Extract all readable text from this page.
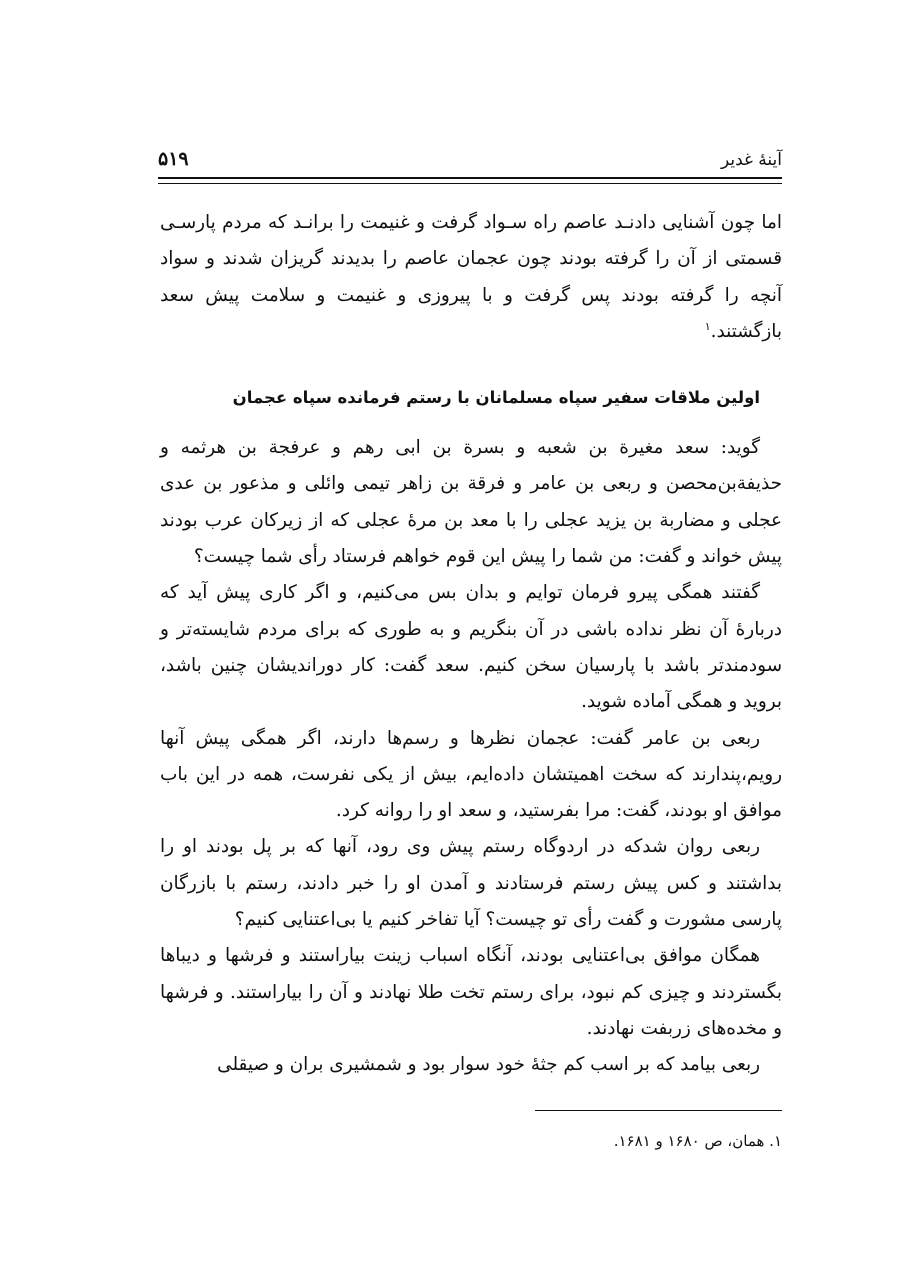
آینهٔ غدیر
۵۱۹

اما چون آشنایی دادنـد عاصم راه سـواد گرفت و غنیمت را برانـد که مردم پارسـی قسمتی از آن را گرفته بودند چون عجمان عاصم را بدیدند گریزان شدند و سواد آنچه را گرفته بودند پس گرفت و با پیروزی و غنیمت و سلامت پیش سعد بازگشتند.$^۱$

اولین ملاقات سفیر سپاه مسلمانان با رستم فرمانده سپاه عجمان

گوید: سعد مغیرة بن شعبه و بسرة بن ابی رهم و عرفجة بن هرثمه و حذیفةبن‌محصن و ربعی بن عامر و فرقة بن زاهر تیمی وائلی و مذعور بن عدی عجلی و مضاربة بن یزید عجلی را با معد بن مرهٔ عجلی که از زیرکان عرب بودند پیش خواند و گفت: من شما را پیش این قوم خواهم فرستاد رأی شما چیست؟

گفتند همگی پیرو فرمان توایم و بدان بس می‌کنیم، و اگر کاری پیش آید که دربارهٔ آن نظر نداده باشی در آن بنگریم و به طوری که برای مردم شایسته‌تر و سودمندتر باشد با پارسیان سخن کنیم. سعد گفت: کار دوراندیشان چنین باشد، بروید و همگی آماده شوید.

ربعی بن عامر گفت: عجمان نظرها و رسم‌ها دارند، اگر همگی پیش آنها رویم،پندارند که سخت اهمیتشان داده‌ایم، بیش از یکی نفرست، همه در این باب موافق او بودند، گفت: مرا بفرستید، و سعد او را روانه کرد.

ربعی روان شدکه در اردوگاه رستم پیش وی رود، آنها که بر پل بودند او را بداشتند و کس پیش رستم فرستادند و آمدن او را خبر دادند، رستم با بازرگان پارسی مشورت و گفت رأی تو چیست؟ آیا تفاخر کنیم یا بی‌اعتنایی کنیم؟

همگان موافق بی‌اعتنایی بودند، آنگاه اسباب زینت بیاراستند و فرشها و دیباها بگستردند و چیزی کم نبود، برای رستم تخت طلا نهادند و آن را بیاراستند. و فرشها و مخده‌های زربفت نهادند.

ربعی بیامد که بر اسب کم جثهٔ خود سوار بود و شمشیری بران و صیقلی

۱. همان، ص ۱۶۸۰ و ۱۶۸۱.
